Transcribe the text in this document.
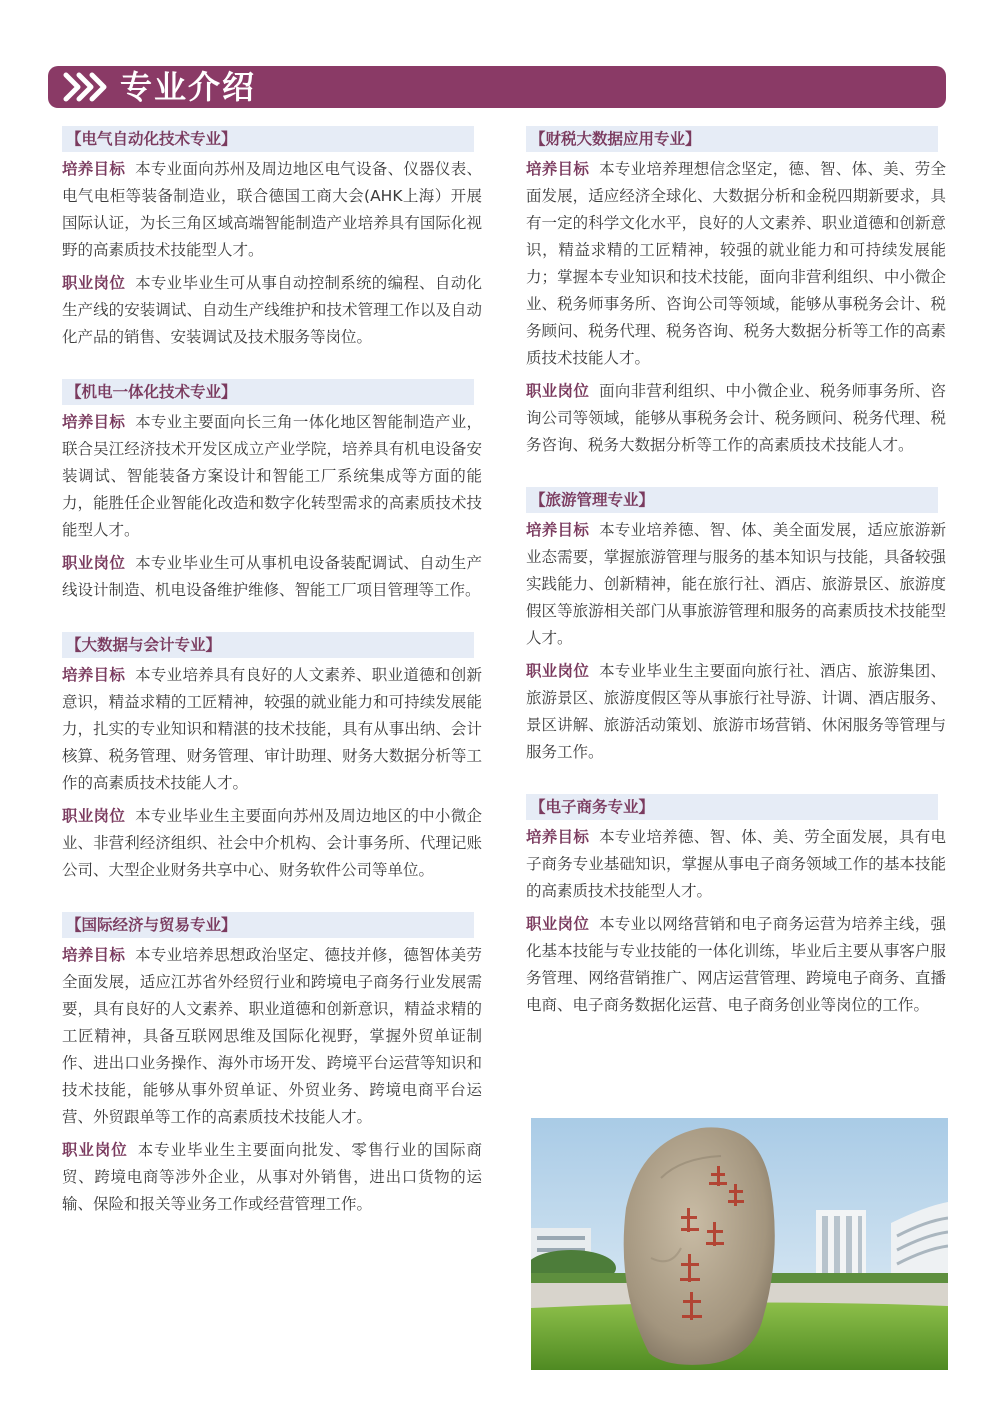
专业介绍
【电气自动化技术专业】

培养目标 本专业面向苏州及周边地区电气设备、仪器仪表、电气电柜等装备制造业，联合德国工商大会(AHK上海）开展国际认证，为长三角区域高端智能制造产业培养具有国际化视野的高素质技术技能型人才。

职业岗位 本专业毕业生可从事自动控制系统的编程、自动化生产线的安装调试、自动生产线维护和技术管理工作以及自动化产品的销售、安装调试及技术服务等岗位。

【机电一体化技术专业】

培养目标 本专业主要面向长三角一体化地区智能制造产业，联合吴江经济技术开发区成立产业学院，培养具有机电设备安装调试、智能装备方案设计和智能工厂系统集成等方面的能力，能胜任企业智能化改造和数字化转型需求的高素质技术技能型人才。

职业岗位 本专业毕业生可从事机电设备装配调试、自动生产线设计制造、机电设备维护维修、智能工厂项目管理等工作。

【大数据与会计专业】

培养目标 本专业培养具有良好的人文素养、职业道德和创新意识，精益求精的工匠精神，较强的就业能力和可持续发展能力，扎实的专业知识和精湛的技术技能，具有从事出纳、会计核算、税务管理、财务管理、审计助理、财务大数据分析等工作的高素质技术技能人才。

职业岗位 本专业毕业生主要面向苏州及周边地区的中小微企业、非营利经济组织、社会中介机构、会计事务所、代理记账公司、大型企业财务共享中心、财务软件公司等单位。

【国际经济与贸易专业】

培养目标 本专业培养思想政治坚定、德技并修，德智体美劳全面发展，适应江苏省外经贸行业和跨境电子商务行业发展需要，具有良好的人文素养、职业道德和创新意识，精益求精的工匠精神，具备互联网思维及国际化视野，掌握外贸单证制作、进出口业务操作、海外市场开发、跨境平台运营等知识和技术技能，能够从事外贸单证、外贸业务、跨境电商平台运营、外贸跟单等工作的高素质技术技能人才。

职业岗位 本专业毕业生主要面向批发、零售行业的国际商贸、跨境电商等涉外企业，从事对外销售，进出口货物的运输、保险和报关等业务工作或经营管理工作。

【财税大数据应用专业】

培养目标 本专业培养理想信念坚定，德、智、体、美、劳全面发展，适应经济全球化、大数据分析和金税四期新要求，具有一定的科学文化水平，良好的人文素养、职业道德和创新意识，精益求精的工匠精神，较强的就业能力和可持续发展能力；掌握本专业知识和技术技能，面向非营利组织、中小微企业、税务师事务所、咨询公司等领域，能够从事税务会计、税务顾问、税务代理、税务咨询、税务大数据分析等工作的高素质技术技能人才。

职业岗位 面向非营利组织、中小微企业、税务师事务所、咨询公司等领域，能够从事税务会计、税务顾问、税务代理、税务咨询、税务大数据分析等工作的高素质技术技能人才。

【旅游管理专业】

培养目标 本专业培养德、智、体、美全面发展，适应旅游新业态需要，掌握旅游管理与服务的基本知识与技能，具备较强实践能力、创新精神，能在旅行社、酒店、旅游景区、旅游度假区等旅游相关部门从事旅游管理和服务的高素质技术技能型人才。

职业岗位 本专业毕业生主要面向旅行社、酒店、旅游集团、旅游景区、旅游度假区等从事旅行社导游、计调、酒店服务、景区讲解、旅游活动策划、旅游市场营销、休闲服务等管理与服务工作。

【电子商务专业】

培养目标 本专业培养德、智、体、美、劳全面发展，具有电子商务专业基础知识，掌握从事电子商务领域工作的基本技能的高素质技术技能型人才。

职业岗位 本专业以网络营销和电子商务运营为培养主线，强化基本技能与专业技能的一体化训练，毕业后主要从事客户服务管理、网络营销推广、网店运营管理、跨境电子商务、直播电商、电子商务数据化运营、电子商务创业等岗位的工作。
